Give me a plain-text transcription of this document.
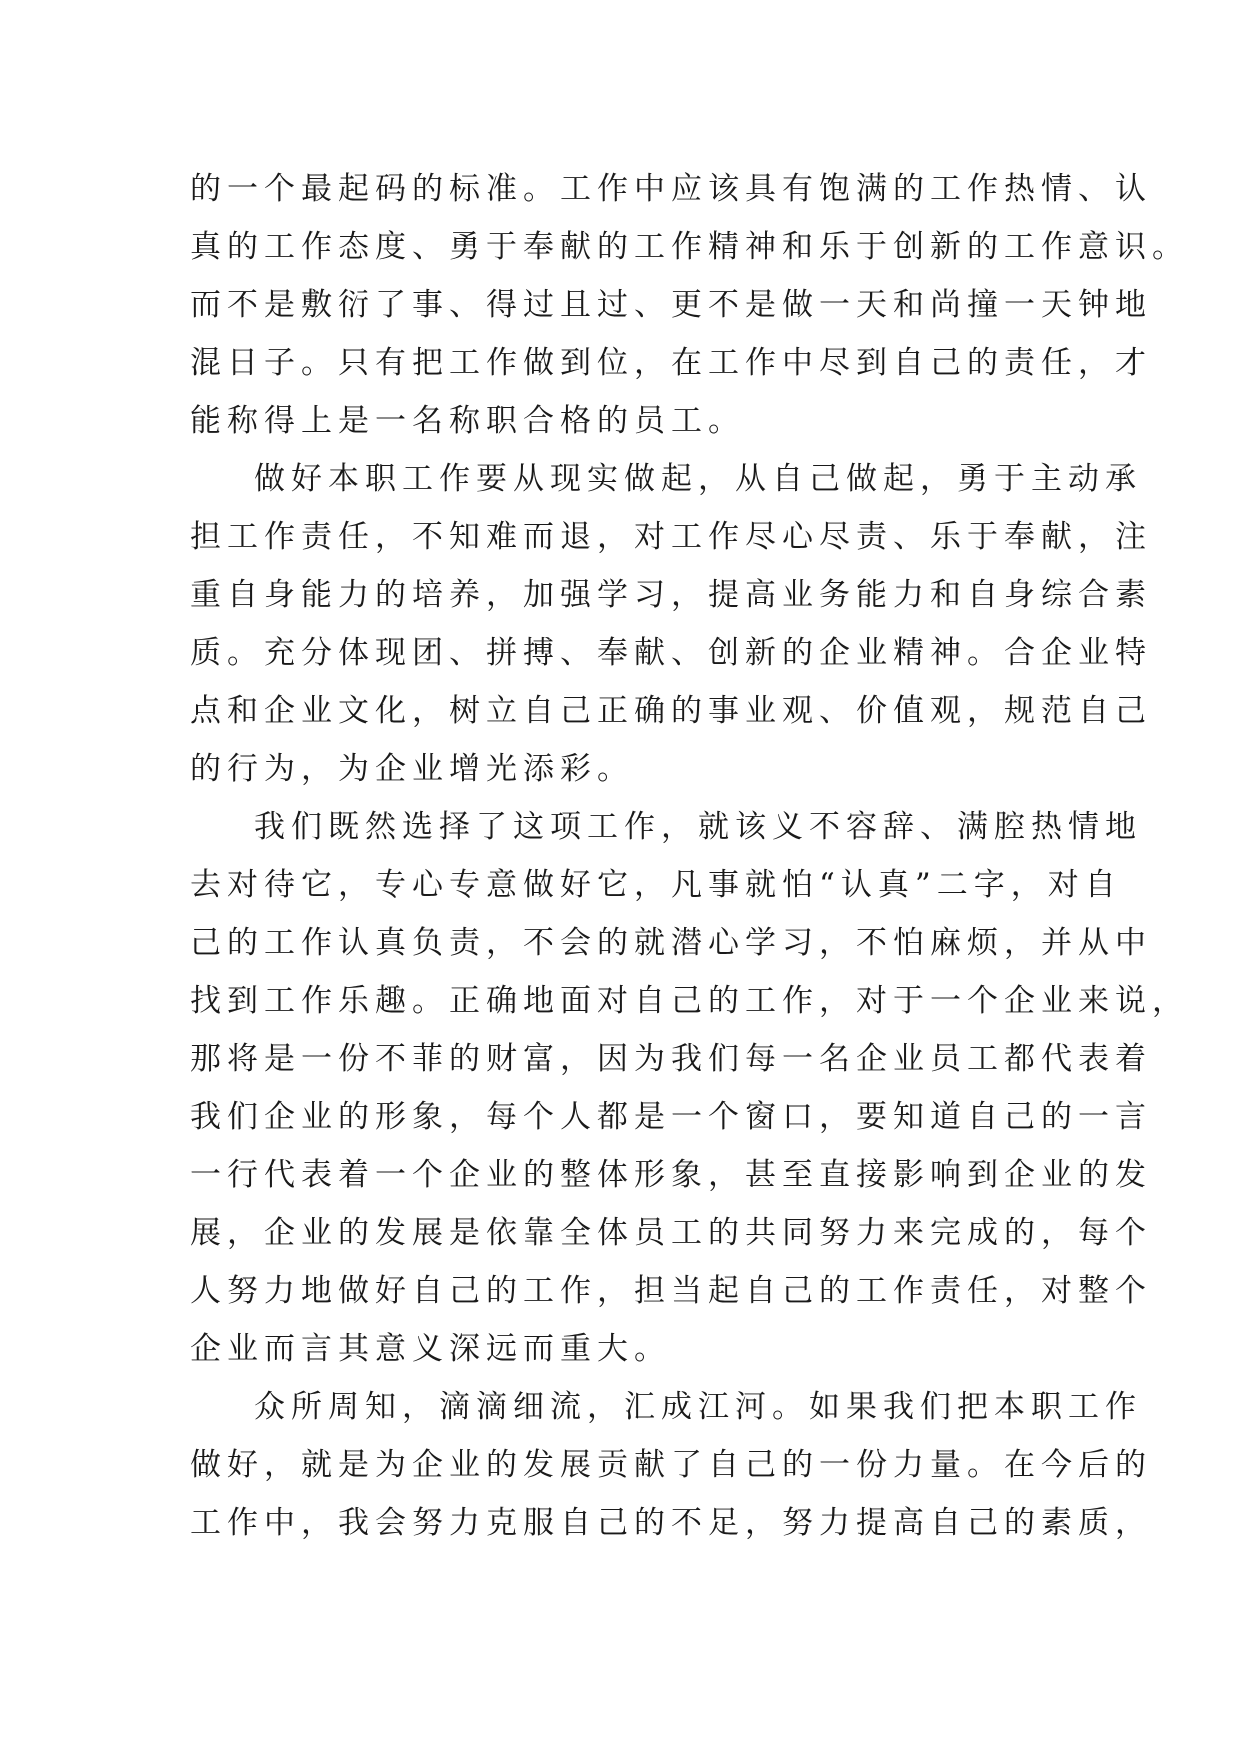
的一个最起码的标准。工作中应该具有饱满的工作热情、认
真的工作态度、勇于奉献的工作精神和乐于创新的工作意识。
而不是敷衍了事、得过且过、更不是做一天和尚撞一天钟地
混日子。只有把工作做到位，在工作中尽到自己的责任，才
能称得上是一名称职合格的员工。
做好本职工作要从现实做起，从自己做起，勇于主动承
担工作责任，不知难而退，对工作尽心尽责、乐于奉献，注
重自身能力的培养，加强学习，提高业务能力和自身综合素
质。充分体现团、拼搏、奉献、创新的企业精神。合企业特
点和企业文化，树立自己正确的事业观、价值观，规范自己
的行为，为企业增光添彩。
我们既然选择了这项工作，就该义不容辞、满腔热情地
去对待它，专心专意做好它，凡事就怕“认真”二字，对自
己的工作认真负责，不会的就潜心学习，不怕麻烦，并从中
找到工作乐趣。正确地面对自己的工作，对于一个企业来说，
那将是一份不菲的财富，因为我们每一名企业员工都代表着
我们企业的形象，每个人都是一个窗口，要知道自己的一言
一行代表着一个企业的整体形象，甚至直接影响到企业的发
展，企业的发展是依靠全体员工的共同努力来完成的，每个
人努力地做好自己的工作，担当起自己的工作责任，对整个
企业而言其意义深远而重大。
众所周知，滴滴细流，汇成江河。如果我们把本职工作
做好，就是为企业的发展贡献了自己的一份力量。在今后的
工作中，我会努力克服自己的不足，努力提高自己的素质，
